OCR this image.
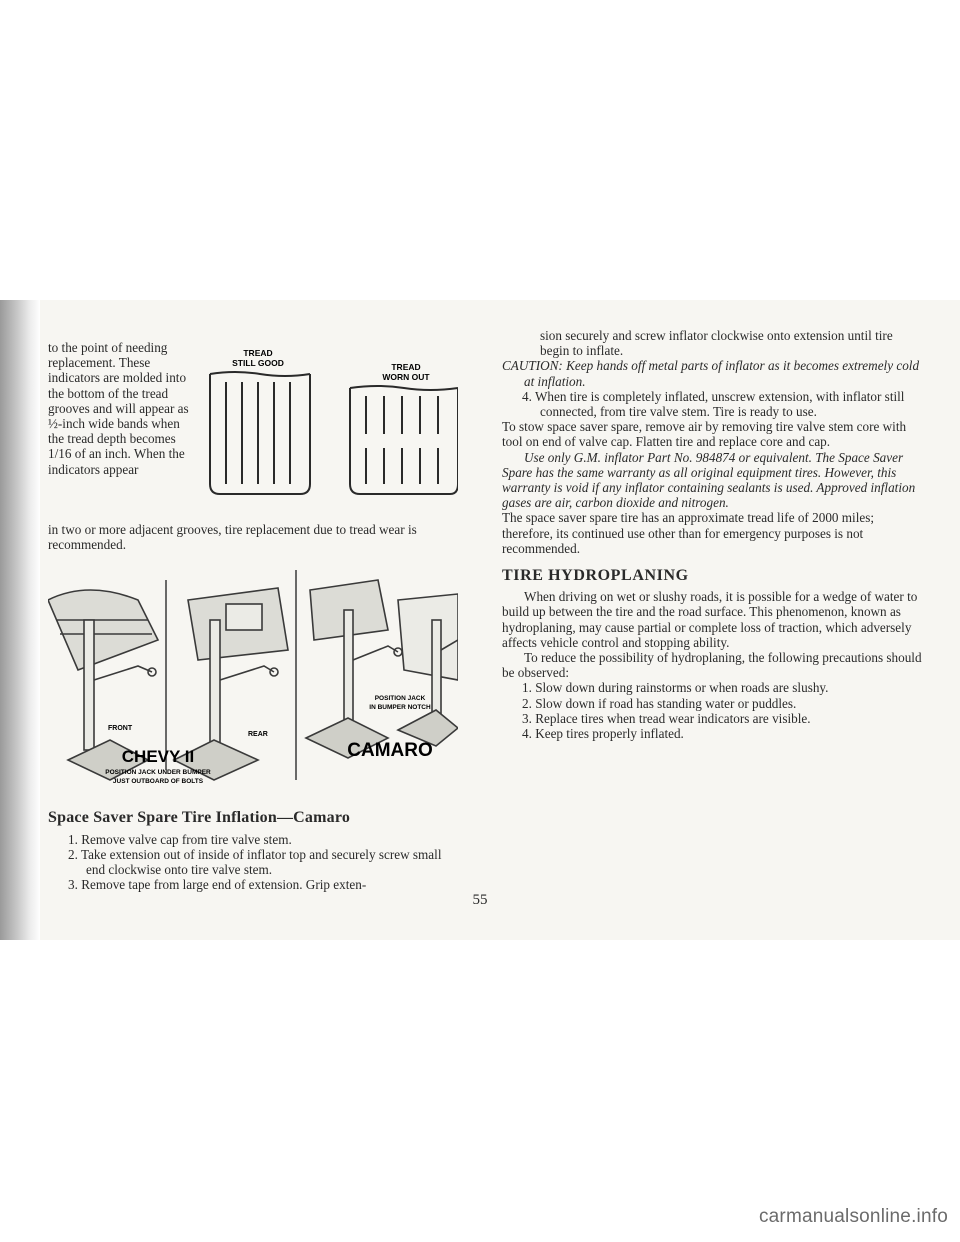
TREAD
STILL GOOD	TREAD
WORN OUT

to the point of needing replacement. These indicators are molded into the bottom of the tread grooves and will appear as ½-inch wide bands when the tread depth becomes 1/16 of an inch. When the indicators appear

in two or more adjacent grooves, tire replacement due to tread wear is recommended.

FRONT
REAR
CHEVY II
POSITION JACK UNDER BUMPER
JUST OUTBOARD OF BOLTS
POSITION JACK
IN BUMPER NOTCH
CAMARO
Space Saver Spare Tire Inflation—Camaro

1. Remove valve cap from tire valve stem.

2. Take extension out of inside of inflator top and securely screw small end clockwise onto tire valve stem.

3. Remove tape from large end of extension. Grip exten-

sion securely and screw inflator clockwise onto extension until tire begin to inflate.

CAUTION: Keep hands off metal parts of inflator as it becomes extremely cold at inflation.

4. When tire is completely inflated, unscrew extension, with inflator still connected, from tire valve stem. Tire is ready to use.

To stow space saver spare, remove air by removing tire valve stem core with tool on end of valve cap. Flatten tire and replace core and cap.

Use only G.M. inflator Part No. 984874 or equivalent. The Space Saver Spare has the same warranty as all original equipment tires. However, this warranty is void if any inflator containing sealants is used. Approved inflation gases are air, carbon dioxide and nitrogen.

The space saver spare tire has an approximate tread life of 2000 miles; therefore, its continued use other than for emergency purposes is not recommended.

TIRE HYDROPLANING

When driving on wet or slushy roads, it is possible for a wedge of water to build up between the tire and the road surface. This phenomenon, known as hydroplaning, may cause partial or complete loss of traction, which adversely affects vehicle control and stopping ability.

To reduce the possibility of hydroplaning, the following precautions should be observed:

1. Slow down during rainstorms or when roads are slushy.

2. Slow down if road has standing water or puddles.

3. Replace tires when tread wear indicators are visible.

4. Keep tires properly inflated.

55
carmanualsonline.info
